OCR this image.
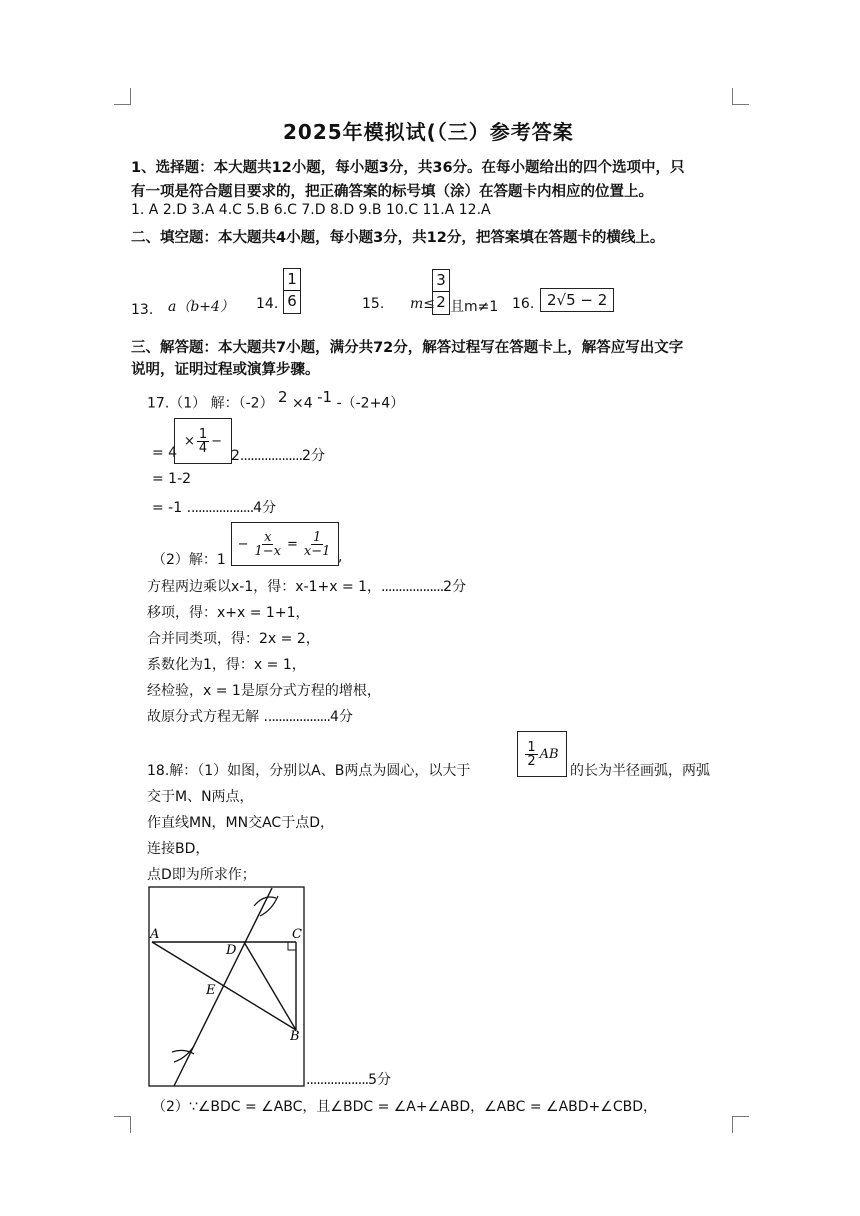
2025年模拟试(（三）参考答案
1、选择题：本大题共12小题，每小题3分，共36分。在每小题给出的四个选项中，只
有一项是符合题目要求的，把正确答案的标号填（涂）在答题卡内相应的位置上。
1. A 2.D 3.A 4.C 5.B 6.C 7.D 8.D 9.B 10.C 11.A 12.A
二、填空题：本大题共4小题，每小题3分，共12分，把答案填在答题卡的横线上。
13. a（b+4） 14. $\frac{1}{6}$	15. m≤
$\frac{3}{2}$ 且m≠1 16. 2√5 − 2
三、解答题：本大题共7小题，满分共72分，解答过程写在答题卡上，解答应写出文字
说明，证明过程或演算步骤。
17.（1） 解：（-2） $^2$ ×4 $^{-1}$ -（-2+4）
= 4
× $\frac{1}{4}$ −
2..................2分
= 1-2
= -1 ...................4分
（2）解：1
− $\frac{x}{1-x} = \frac{1}{x-1}$ ,
方程两边乘以x-1，得：x-1+x = 1，..................2分
移项，得：x+x = 1+1，
合并同类项，得：2x = 2，
系数化为1，得：x = 1，
经检验，x = 1是原分式方程的增根，
故原分式方程无解 ...................4分
18.解：（1）如图，分别以A、B两点为圆心，以大于
$\frac{1}{2}$ AB
的长为半径画弧，两弧
交于M、N两点，
作直线MN，MN交AC于点D，
连接BD，
点D即为所求作；
A	C
D
E
B
..................5分
（2）∵∠BDC = ∠ABC，且∠BDC = ∠A+∠ABD，∠ABC = ∠ABD+∠CBD，
